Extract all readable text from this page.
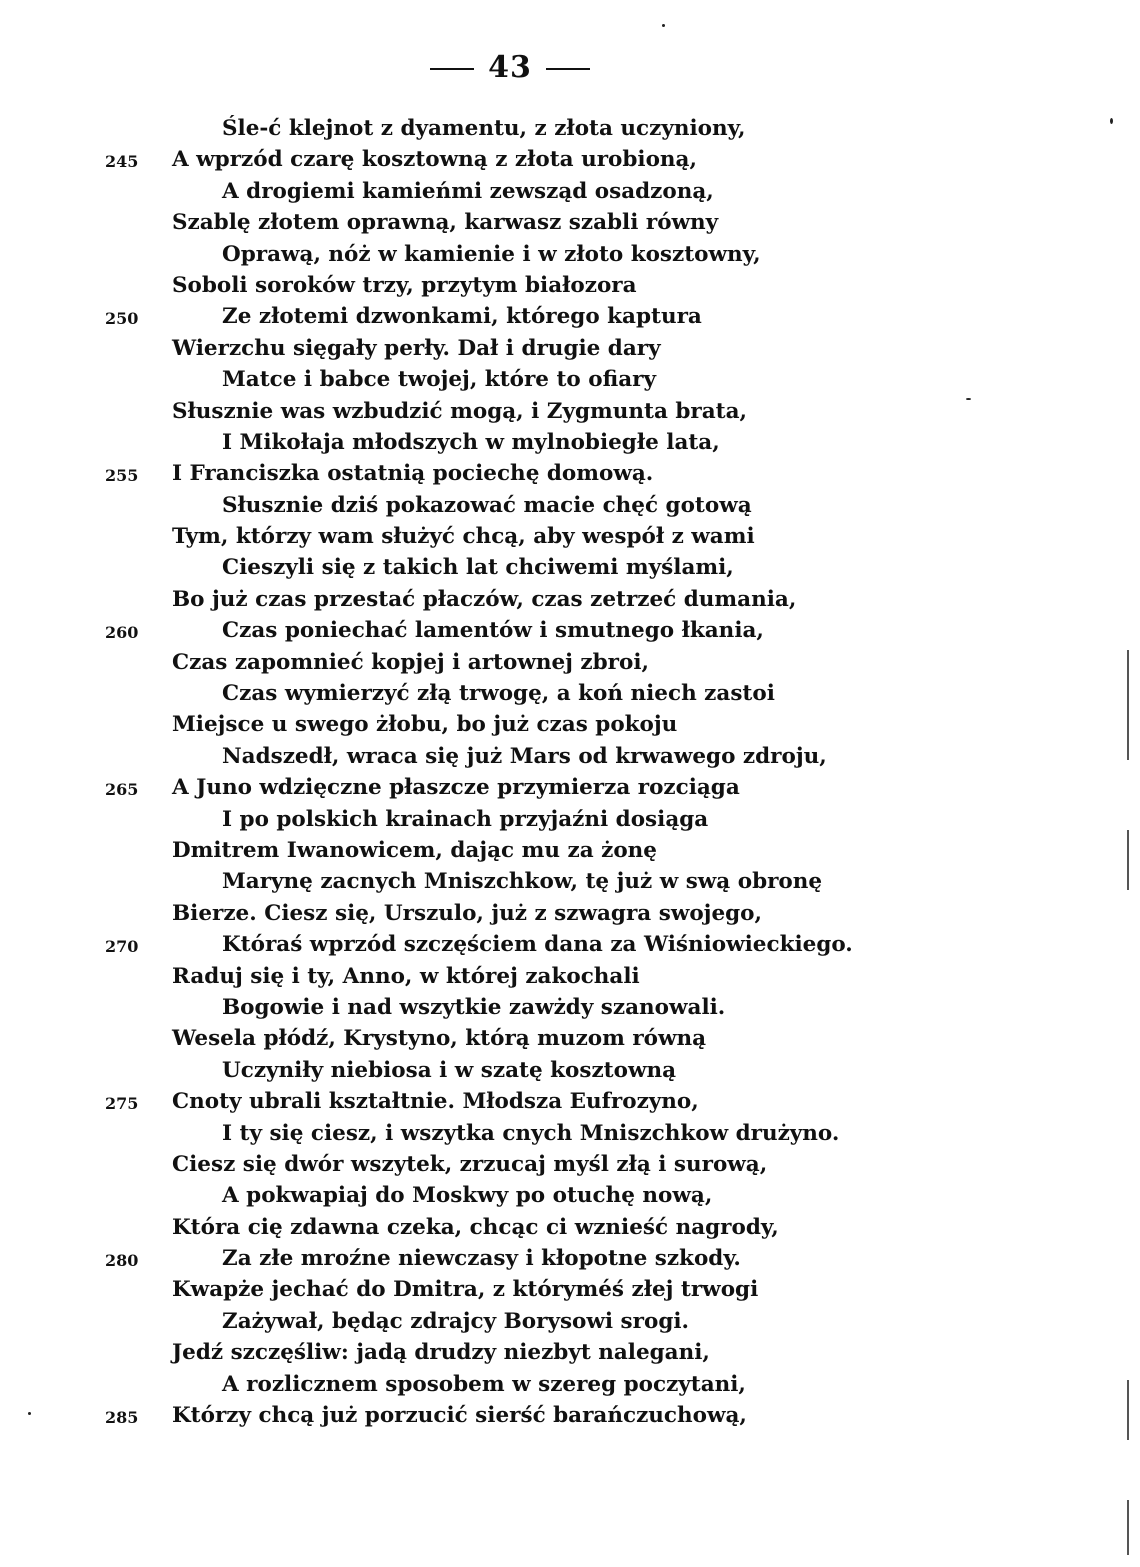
43
Śle-ć klejnot z dyamentu, z złota uczyniony,
245 A wprzód czarę kosztowną z złota urobioną,
A drogiemi kamieńmi zewsząd osadzoną,
Szablę złotem oprawną, karwasz szabli równy
Oprawą, nóż w kamienie i w złoto kosztowny,
Soboli soroków trzy, przytym białozora
250	Ze złotemi dzwonkami, którego kaptura
Wierzchu sięgały perły. Dał i drugie dary
Matce i babce twojej, które to ofiary
Słusznie was wzbudzić mogą, i Zygmunta brata,
I Mikołaja młodszych w mylnobiegłe lata,
255 I Franciszka ostatnią pociechę domową.
Słusznie dziś pokazować macie chęć gotową
Tym, którzy wam służyć chcą, aby wespół z wami
Cieszyli się z takich lat chciwemi myślami,
Bo już czas przestać płaczów, czas zetrzeć dumania,
260	Czas poniechać lamentów i smutnego łkania,
Czas zapomnieć kopjej i artownej zbroi,
Czas wymierzyć złą trwogę, a koń niech zastoi
Miejsce u swego żłobu, bo już czas pokoju
Nadszedł, wraca się już Mars od krwawego zdroju,
265 A Juno wdzięczne płaszcze przymierza rozciąga
I po polskich krainach przyjaźni dosiąga
Dmitrem Iwanowicem, dając mu za żonę
Marynę zacnych Mniszchkow, tę już w swą obronę
Bierze. Ciesz się, Urszulo, już z szwagra swojego,
270	Któraś wprzód szczęściem dana za Wiśniowieckiego.
Raduj się i ty, Anno, w której zakochali
Bogowie i nad wszytkie zawżdy szanowali.
Wesela płódź, Krystyno, którą muzom równą
Uczyniły niebiosa i w szatę kosztowną
275 Cnoty ubrali kształtnie. Młodsza Eufrozyno,
I ty się ciesz, i wszytka cnych Mniszchkow drużyno.
Ciesz się dwór wszytek, zrzucaj myśl złą i surową,
A pokwapiaj do Moskwy po otuchę nową,
Która cię zdawna czeka, chcąc ci wznieść nagrody,
280	Za złe mroźne niewczasy i kłopotne szkody.
Kwapże jechać do Dmitra, z któryméś złej trwogi
Zażywał, będąc zdrajcy Borysowi srogi.
Jedź szczęśliw: jadą drudzy niezbyt nalegani,
A rozlicznem sposobem w szereg poczytani,
285 Którzy chcą już porzucić sierść barańczuchową,
